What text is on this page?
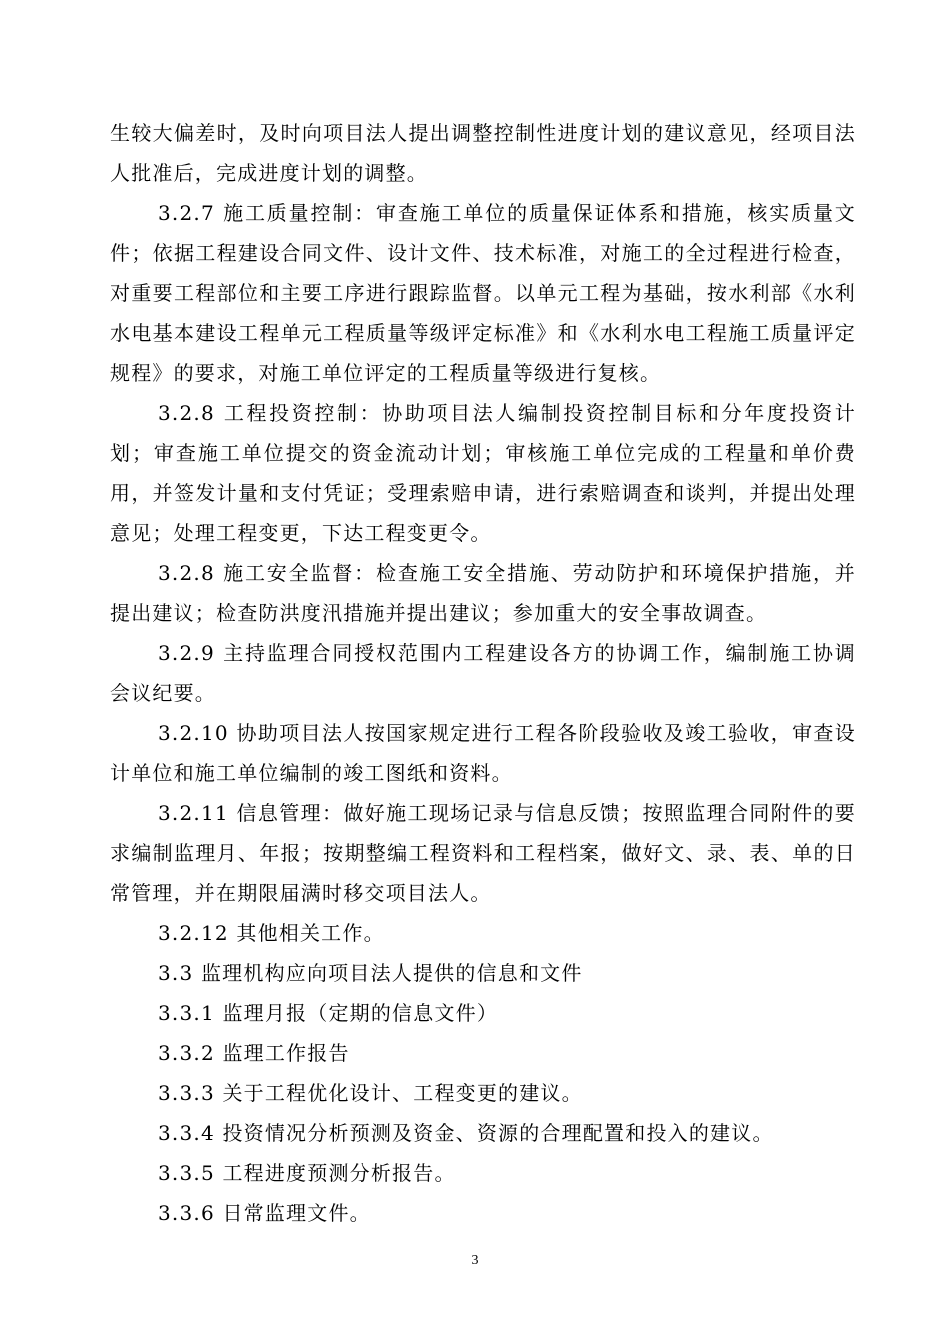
生较大偏差时，及时向项目法人提出调整控制性进度计划的建议意见，经项目法人批准后，完成进度计划的调整。

3.2.7 施工质量控制：审查施工单位的质量保证体系和措施，核实质量文件；依据工程建设合同文件、设计文件、技术标准，对施工的全过程进行检查，对重要工程部位和主要工序进行跟踪监督。以单元工程为基础，按水利部《水利水电基本建设工程单元工程质量等级评定标准》和《水利水电工程施工质量评定规程》的要求，对施工单位评定的工程质量等级进行复核。

3.2.8 工程投资控制：协助项目法人编制投资控制目标和分年度投资计划；审查施工单位提交的资金流动计划；审核施工单位完成的工程量和单价费用，并签发计量和支付凭证；受理索赔申请，进行索赔调查和谈判，并提出处理意见；处理工程变更，下达工程变更令。

3.2.8 施工安全监督：检查施工安全措施、劳动防护和环境保护措施，并提出建议；检查防洪度汛措施并提出建议；参加重大的安全事故调查。

3.2.9 主持监理合同授权范围内工程建设各方的协调工作，编制施工协调会议纪要。

3.2.10 协助项目法人按国家规定进行工程各阶段验收及竣工验收，审查设计单位和施工单位编制的竣工图纸和资料。

3.2.11 信息管理：做好施工现场记录与信息反馈；按照监理合同附件的要求编制监理月、年报；按期整编工程资料和工程档案，做好文、录、表、单的日常管理，并在期限届满时移交项目法人。

3.2.12 其他相关工作。

3.3 监理机构应向项目法人提供的信息和文件

3.3.1 监理月报（定期的信息文件）

3.3.2 监理工作报告

3.3.3 关于工程优化设计、工程变更的建议。

3.3.4 投资情况分析预测及资金、资源的合理配置和投入的建议。

3.3.5 工程进度预测分析报告。

3.3.6 日常监理文件。

3
